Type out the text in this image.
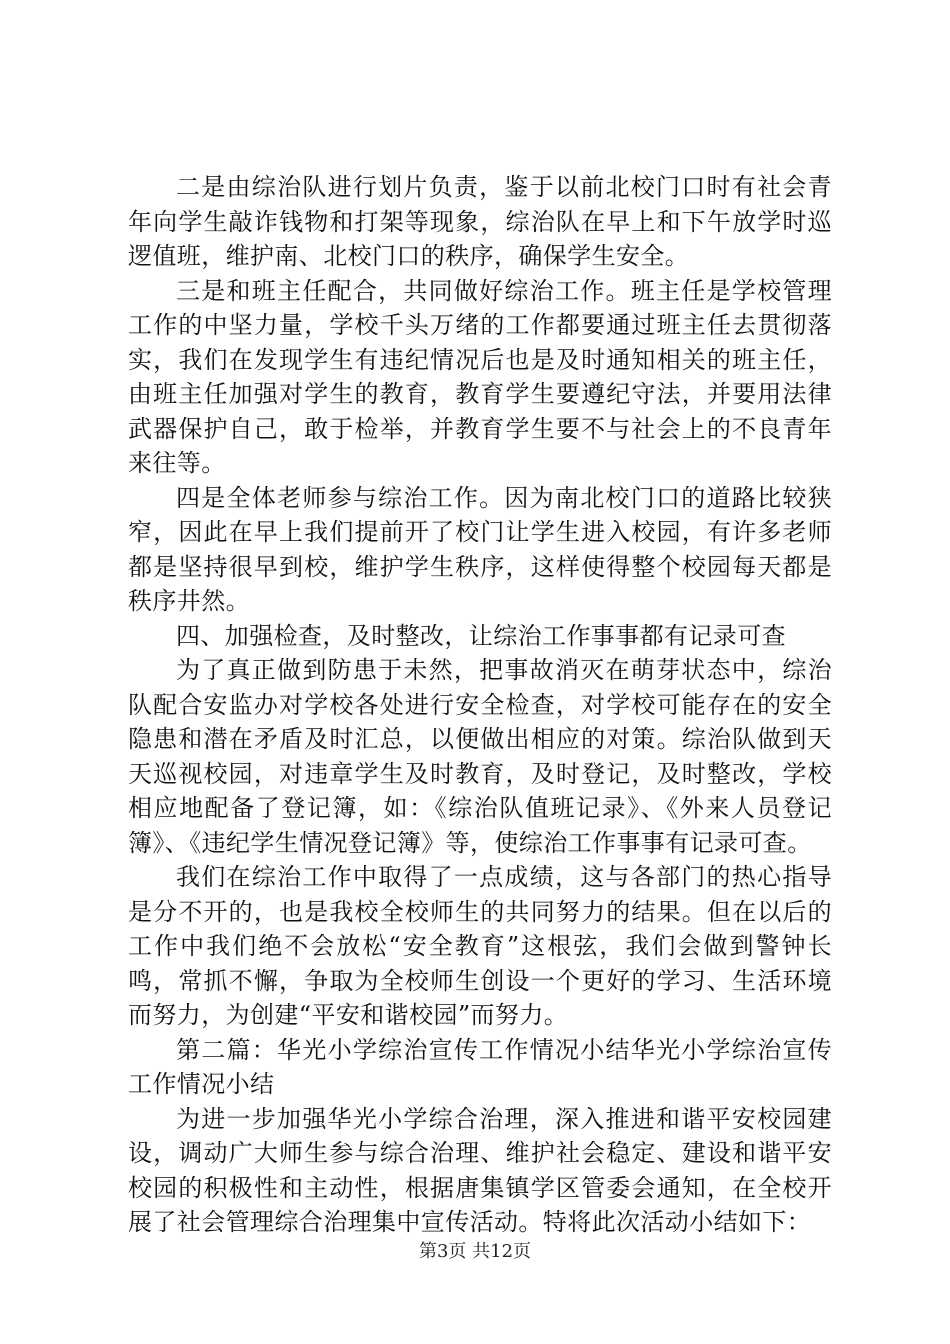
二是由综治队进行划片负责，鉴于以前北校门口时有社会青年向学生敲诈钱物和打架等现象，综治队在早上和下午放学时巡逻值班，维护南、北校门口的秩序，确保学生安全。

三是和班主任配合，共同做好综治工作。班主任是学校管理工作的中坚力量，学校千头万绪的工作都要通过班主任去贯彻落实，我们在发现学生有违纪情况后也是及时通知相关的班主任，由班主任加强对学生的教育，教育学生要遵纪守法，并要用法律武器保护自己，敢于检举，并教育学生要不与社会上的不良青年来往等。

四是全体老师参与综治工作。因为南北校门口的道路比较狭窄，因此在早上我们提前开了校门让学生进入校园，有许多老师都是坚持很早到校，维护学生秩序，这样使得整个校园每天都是秩序井然。

四、加强检查，及时整改，让综治工作事事都有记录可查

为了真正做到防患于未然，把事故消灭在萌芽状态中，综治队配合安监办对学校各处进行安全检查，对学校可能存在的安全隐患和潜在矛盾及时汇总，以便做出相应的对策。综治队做到天天巡视校园，对违章学生及时教育，及时登记，及时整改，学校相应地配备了登记簿，如：《综治队值班记录》、《外来人员登记簿》、《违纪学生情况登记簿》等，使综治工作事事有记录可查。

我们在综治工作中取得了一点成绩，这与各部门的热心指导是分不开的，也是我校全校师生的共同努力的结果。但在以后的工作中我们绝不会放松“安全教育”这根弦，我们会做到警钟长鸣，常抓不懈，争取为全校师生创设一个更好的学习、生活环境而努力，为创建“平安和谐校园”而努力。

第二篇：华光小学综治宣传工作情况小结华光小学综治宣传工作情况小结

为进一步加强华光小学综合治理，深入推进和谐平安校园建设，调动广大师生参与综合治理、维护社会稳定、建设和谐平安校园的积极性和主动性，根据唐集镇学区管委会通知，在全校开展了社会管理综合治理集中宣传活动。特将此次活动小结如下：

第3页 共12页
